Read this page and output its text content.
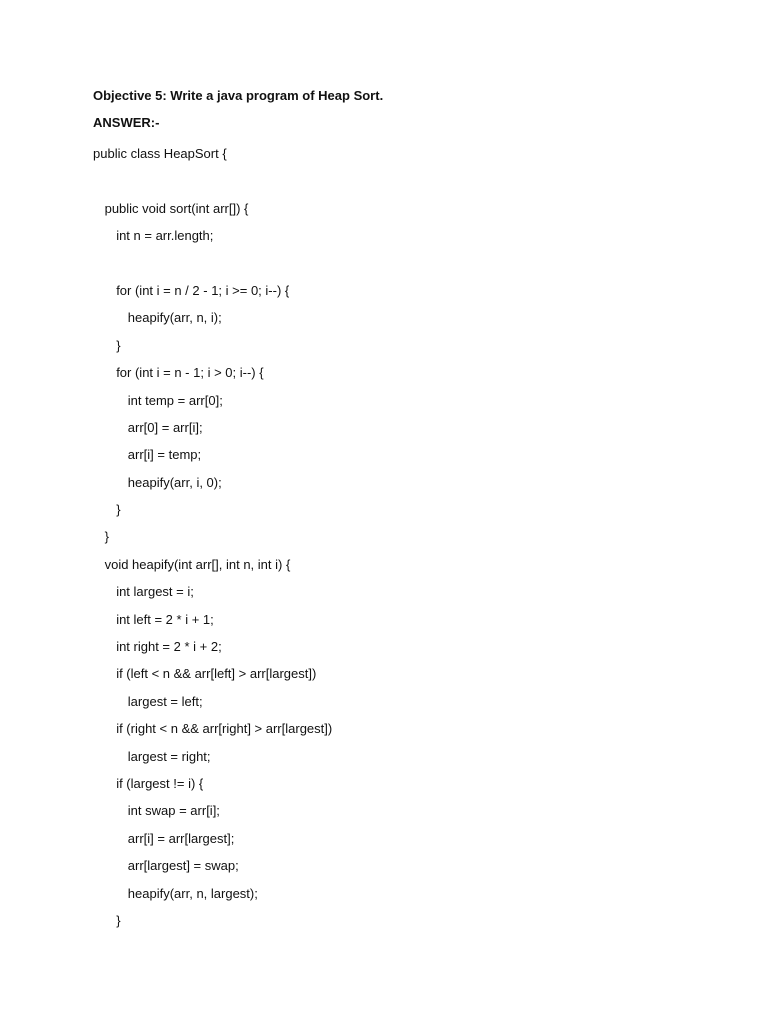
Objective 5: Write a java program of Heap Sort.
ANSWER:-
public class HeapSort {
public void sort(int arr[]) {
int n = arr.length;
for (int i = n / 2 - 1; i >= 0; i--) {
heapify(arr, n, i);
}
for (int i = n - 1; i > 0; i--) {
int temp = arr[0];
arr[0] = arr[i];
arr[i] = temp;
heapify(arr, i, 0);
}
}
void heapify(int arr[], int n, int i) {
int largest = i;
int left = 2 * i + 1;
int right = 2 * i + 2;
if (left < n && arr[left] > arr[largest])
largest = left;
if (right < n && arr[right] > arr[largest])
largest = right;
if (largest != i) {
int swap = arr[i];
arr[i] = arr[largest];
arr[largest] = swap;
heapify(arr, n, largest);
}
